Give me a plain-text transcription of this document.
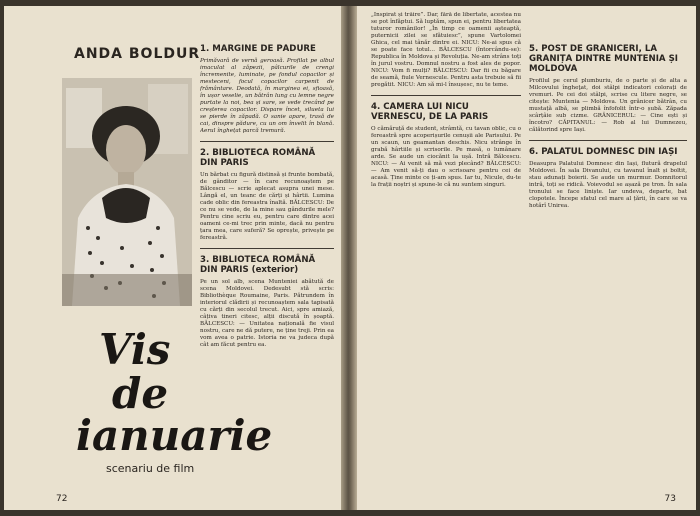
ANDA BOLDUR
Vis
de
ianuarie
scenariu de film
1. MARGINE DE PĂDURE

Primăvară de vernă geroasă. Profilat pe albul imaculat al zăpezii, pâlcurile de crengi încremenite, luminate, pe fondul copacilor și mesteceni, focul copacilor carpenit de frământare. Deodată, în marginea ei, sfioasă, în ușor veselie, un bătrân lung cu lemne negre purtate la noi, bea și sare, se vede trecând pe creșterea copacilor. Dispare încet, silueta lui se pierde în zăpadă. O sanie apare, trasă de cai, dinspre pădure, cu un om învelit în blană. Aerul înghețat parcă tremură.

2. BIBLIOTECA ROMÂNĂ DIN PARIS

Un bărbat cu figură distinsă și frunte bombată, de gânditor — în care recunoaștem pe Bălcescu — scrie aplecat asupra unei mese. Lângă el, un teanc de cărți și hârtii. Lumina cade oblic din fereastra înaltă. BĂLCESCU: De ce nu se vede, de la mine sau gândurile mele? Pentru cine scriu eu, pentru care dintre acei oameni ce-mi trec prin minte, dacă nu pentru țara mea, care suferă? Se oprește, privește pe fereastră.

3. BIBLIOTECA ROMÂNĂ DIN PARIS (exterior)

Pe un sol alb, scena Munteniei abătută de scena Moldovei. Dedesubt stă scris: Bibliothèque Roumaine, Paris. Pătrundem în interiorul clădirii și recunoaștem sala tapisată cu cărți din secolul trecut. Aici, spre amiază, câțiva tineri citesc, alții discută în șoaptă. BĂLCESCU: — Unitatea națională fie visul nostru, care ne dă putere, ne ține treji. Prin ea vom avea o patrie. Istoria ne va judeca după cât am făcut pentru ea.

72

„Inspirat și trăire”. Dar, fără de libertate, acestea nu se pot înfăptui. Să luptăm, spun ei, pentru libertatea tuturor românilor! „În timp ce oamenii așteaptă, puternicii zilei se sfătuiesc”, spune Vartolomei Ghica, cel mai tânăr dintre ei. NICU: Ne-ai spus că se poate face totul... BĂLCESCU (întorcându-se): Republica în Moldova și Revoluția. Ne-am strâns toți în jurul vostru. Domnul nostru a fost ales de popor. NICU: Vom fi mulți? BĂLCESCU: Dar fii cu băgare de seamă, fiule Vernescule. Pentru asta trebuie să fii pregătit. NICU: Am să mi-l însușesc, nu te teme.

4. CAMERA LUI NICU VERNESCU, DE LA PARIS

O cămăruță de student, strâmtă, cu tavan oblic, cu o fereastră spre acoperișurile cenușii ale Parisului. Pe un scaun, un geamantan deschis. Nicu strânge în grabă hârtiile și scrisorile. Pe masă, o lumânare arde. Se aude un ciocănit la ușă. Intră Bălcescu. NICU: — Ai venit să mă vezi plecând? BĂLCESCU: — Am venit să-ți dau o scrisoare pentru cei de acasă. Ține minte ce ți-am spus. Iar tu, Nicule, du-te la frații noștri și spune-le că nu suntem singuri.

5. POST DE GRĂNICERI, LA GRANIȚA DINTRE MUNTENIA ȘI MOLDOVA

Profilul pe cerul plumburiu, de o parte și de alta a Milcovului îngheţat, doi stâlpi indicatori colorați de vremuri. Pe cei doi stâlpi, scrise cu litere negre, se citește: Muntenia — Moldova. Un grănicer bătrân, cu mustață albă, se plimbă înfofolit într-o șubă. Zăpada scârțâie sub cizme. GRĂNICERUL: — Cine ești și încotro? CĂPITANUL: — Rob al lui Dumnezeu, călătorind spre Iași.

6. PALATUL DOMNESC DIN IAȘI

Deasupra Palatului Domnesc din Iași, flutură drapelul Moldovei. În sala Divanului, cu tavanul înalt și boltit, stau adunați boierii. Se aude un murmur. Domnitorul intră, toți se ridică. Voievodul se așază pe tron. În sala tronului se face liniște. Iar undeva, departe, bat clopotele. Începe sfatul cel mare al țării, în care se va hotărî Unirea.

73
